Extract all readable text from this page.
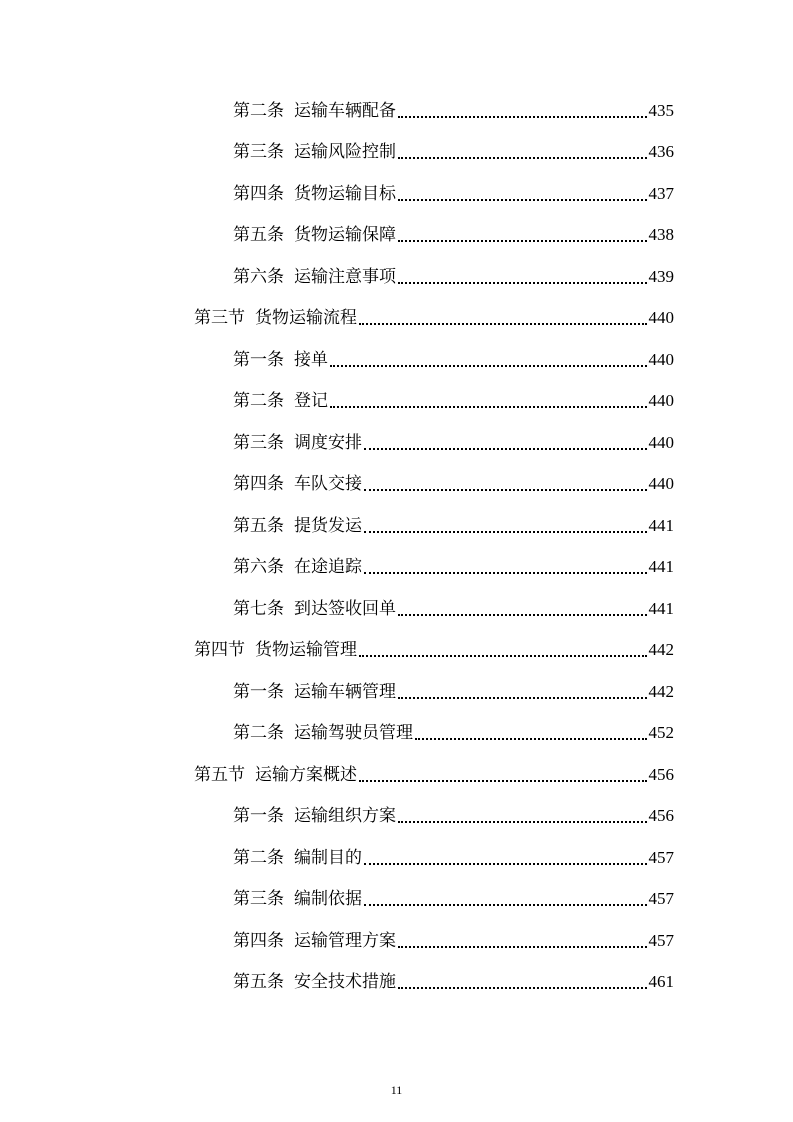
第二条 运输车辆配备	435
第三条 运输风险控制	436
第四条 货物运输目标	437
第五条 货物运输保障	438
第六条 运输注意事项	439
第三节 货物运输流程	440
第一条 接单	440
第二条 登记	440
第三条 调度安排	440
第四条 车队交接	440
第五条 提货发运	441
第六条 在途追踪	441
第七条 到达签收回单	441
第四节 货物运输管理	442
第一条 运输车辆管理	442
第二条 运输驾驶员管理	452
第五节 运输方案概述	456
第一条 运输组织方案	456
第二条 编制目的	457
第三条 编制依据	457
第四条 运输管理方案	457
第五条 安全技术措施	461
11
